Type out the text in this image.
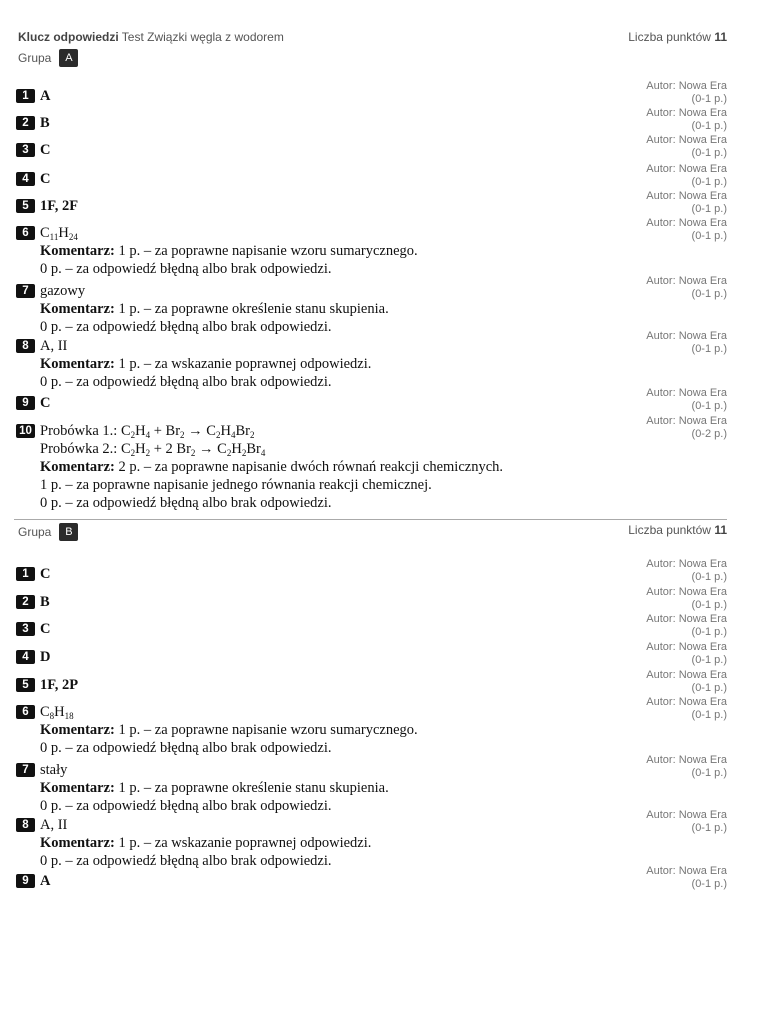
Klucz odpowiedzi Test Związki węgla z wodorem	Liczba punktów 11
Grupa	A
1 A
Autor: Nowa Era
(0-1 p.)
2 B
Autor: Nowa Era
(0-1 p.)
3 C
Autor: Nowa Era
(0-1 p.)
4 C
Autor: Nowa Era
(0-1 p.)
5 1F, 2F
Autor: Nowa Era
(0-1 p.)
6 $C_{11}H_{24}$
Komentarz: 1 p. – za poprawne napisanie wzoru sumarycznego.
0 p. – za odpowiedź błędną albo brak odpowiedzi.
Autor: Nowa Era
(0-1 p.)
7 gazowy
Komentarz: 1 p. – za poprawne określenie stanu skupienia.
0 p. – za odpowiedź błędną albo brak odpowiedzi.
Autor: Nowa Era
(0-1 p.)
8 A, II
Komentarz: 1 p. – za wskazanie poprawnej odpowiedzi.
0 p. – za odpowiedź błędną albo brak odpowiedzi.
Autor: Nowa Era
(0-1 p.)
9 C
Autor: Nowa Era
(0-1 p.)
10 Probówka 1.: $C_2H_4 + Br_2 \to C_2H_4Br_2$
Probówka 2.: $C_2H_2 + 2$ $Br_2 \to C_2H_2Br_4$
Komentarz: 2 p. – za poprawne napisanie dwóch równań reakcji chemicznych.
1 p. – za poprawne napisanie jednego równania reakcji chemicznej.
0 p. – za odpowiedź błędną albo brak odpowiedzi.
Autor: Nowa Era
(0-2 p.)
Grupa	B	Liczba punktów 11
1 C
Autor: Nowa Era
(0-1 p.)
2 B
Autor: Nowa Era
(0-1 p.)
3 C
Autor: Nowa Era
(0-1 p.)
4 D
Autor: Nowa Era
(0-1 p.)
5 1F, 2P
Autor: Nowa Era
(0-1 p.)
6 $C_8H_{18}$
Komentarz: 1 p. – za poprawne napisanie wzoru sumarycznego.
0 p. – za odpowiedź błędną albo brak odpowiedzi.
Autor: Nowa Era
(0-1 p.)
7 stały
Komentarz: 1 p. – za poprawne określenie stanu skupienia.
0 p. – za odpowiedź błędną albo brak odpowiedzi.
Autor: Nowa Era
(0-1 p.)
8 A, II
Komentarz: 1 p. – za wskazanie poprawnej odpowiedzi.
0 p. – za odpowiedź błędną albo brak odpowiedzi.
Autor: Nowa Era
(0-1 p.)
9 A
Autor: Nowa Era
(0-1 p.)
